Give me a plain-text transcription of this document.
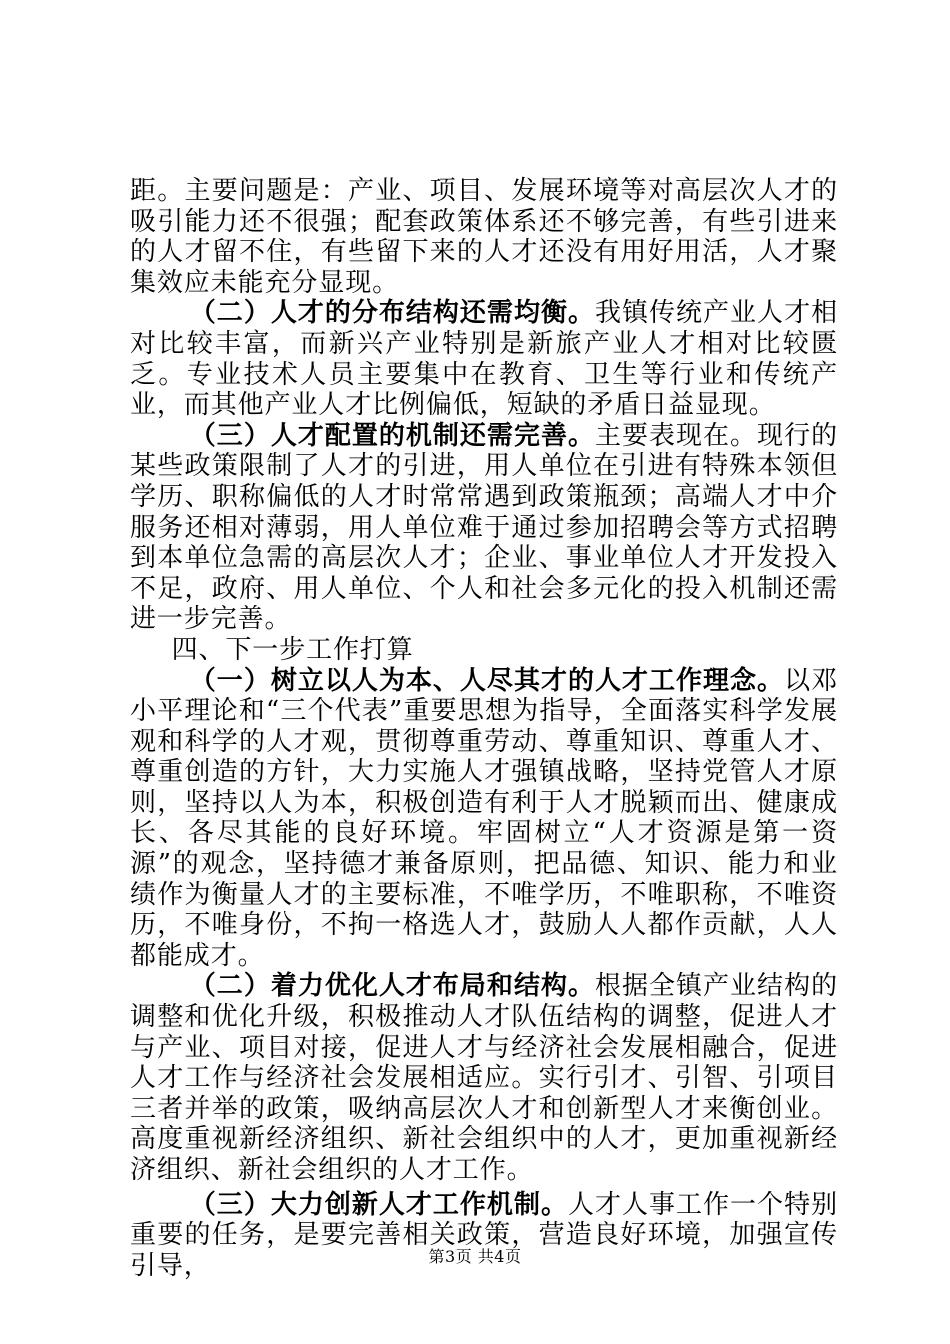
距。主要问题是：产业、项目、发展环境等对高层次人才的吸引能力还不很强；配套政策体系还不够完善，有些引进来的人才留不住，有些留下来的人才还没有用好用活，人才聚集效应未能充分显现。

（二）人才的分布结构还需均衡。我镇传统产业人才相对比较丰富，而新兴产业特别是新旅产业人才相对比较匮乏。专业技术人员主要集中在教育、卫生等行业和传统产业，而其他产业人才比例偏低，短缺的矛盾日益显现。

（三）人才配置的机制还需完善。主要表现在。现行的某些政策限制了人才的引进，用人单位在引进有特殊本领但学历、职称偏低的人才时常常遇到政策瓶颈；高端人才中介服务还相对薄弱，用人单位难于通过参加招聘会等方式招聘到本单位急需的高层次人才；企业、事业单位人才开发投入不足，政府、用人单位、个人和社会多元化的投入机制还需进一步完善。

四、下一步工作打算

（一）树立以人为本、人尽其才的人才工作理念。以邓小平理论和“三个代表”重要思想为指导，全面落实科学发展观和科学的人才观，贯彻尊重劳动、尊重知识、尊重人才、尊重创造的方针，大力实施人才强镇战略，坚持党管人才原则，坚持以人为本，积极创造有利于人才脱颖而出、健康成长、各尽其能的良好环境。牢固树立“人才资源是第一资源”的观念，坚持德才兼备原则，把品德、知识、能力和业绩作为衡量人才的主要标准，不唯学历，不唯职称，不唯资历，不唯身份，不拘一格选人才，鼓励人人都作贡献，人人都能成才。

（二）着力优化人才布局和结构。根据全镇产业结构的调整和优化升级，积极推动人才队伍结构的调整，促进人才与产业、项目对接，促进人才与经济社会发展相融合，促进人才工作与经济社会发展相适应。实行引才、引智、引项目三者并举的政策，吸纳高层次人才和创新型人才来衡创业。高度重视新经济组织、新社会组织中的人才，更加重视新经济组织、新社会组织的人才工作。

（三）大力创新人才工作机制。人才人事工作一个特别重要的任务，是要完善相关政策，营造良好环境，加强宣传引导，	第3页 共4页
